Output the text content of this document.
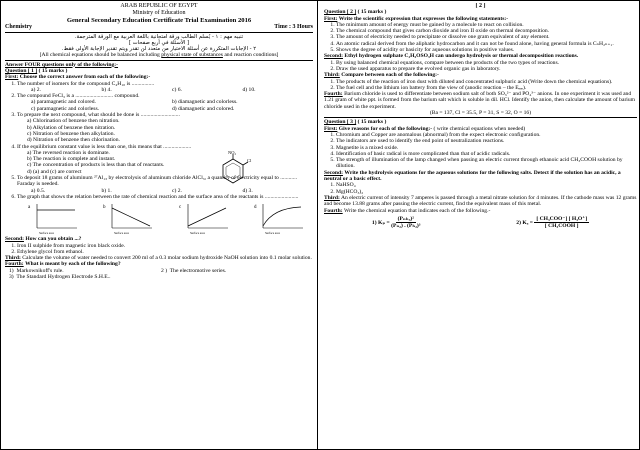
ARAB REPUBLIC OF EGYPT
Ministry of Education
General Secondary Education Certificate Trial Examination 2016
Chemistry	Time : 3 Hours
تنبيه مهم : ١ - يُسلم الطالب ورقة امتحانية باللغة العربية مع الورقة المترجمة.
[ الأسئلة في أربع صفحات ]
٢ - الإجابات المتكررة عن أسئلة الاختيار من متعدد لن تقدر ويتم تقدير الإجابة الأولى فقط.
[All chemical equations should be balanced including physical state of substances and reaction conditions]
Answer FOUR questions only of the following:-
Question [ 1 ] ( 15 marks )
First: Choose the correct answer from each of the following:-
1. The number of isomers for the compound C₄H₁₀ is ................
a) 2.	b) 4.	c) 6.	d) 10.
2. The compound FeCl₃ is a ........................... compound.
a) paramagnetic and colored.	b) diamagnetic and colorless.
c) paramagnetic and colorless.	d) diamagnetic and colored.
3. To prepare the next compound, what should be done is ............................
a) Chlorination of benzene then nitration.
b) Alkylation of benzene then nitration.
c) Nitration of benzene then alkylation.
d) Nitration of benzene then chlorination.
4. If the equilibrium constant value is less than one, this means that ....................
a) The reversed reaction is dominate.
b) The reaction is complete and instant.
c) The concentration of products is less than that of reactants.
d) (a) and (c) are correct
5. To deposit 18 grams of aluminum ²⁷Al₁₃ by electrolysis of aluminum chloride AlCl₃, a quantity of electricity equal to ............ Faraday is needed.
a) 0.5.	b) 1.	c) 2.	d) 3.
6. The graph that shows the relation between the rate of chemical reaction and the surface area of the reactants is ........................
a
Surface area
b
Surface area
c
Surface area
d
Surface area
Second: How can you obtain ...?
1. Iron II sulphide from magnetic iron black oxide.
2. Ethylene glycol from ethanol.
Third: Calculate the volume of water needed to convert 200 ml of a 0.3 molar sodium hydroxide NaOH solution into 0.1 molar solution.
Fourth: What is meant by each of the following?
1)  Markownikoff's rule.	2 )  The electromotive series.
3)  The Standard Hydrogen Electrode S.H.E..
NO₂
Cl
[ 2 ]
Question [ 2 ] ( 15 marks )
First: Write the scientific expression that expresses the following statements:-
1. The minimum amount of energy must be gained by a molecule to react on collision.
2. The chemical compound that gives carbon dioxide and iron II oxide on thermal decomposition.
3. The amount of electricity needed to precipitate or dissolve one gram equivalent of any element.
4. An atomic radical derived from the aliphatic hydrocarbon and it can not be found alone, having general formula is CₙH₂ₙ₊₁.
5. Shows the degree of acidity or basicity for aqueous solutions in positive values.
Second: Ethyl hydrogen sulphate C₂H₅OSO₃H can undergo hydrolysis or thermal decomposition reactions.
1. By using balanced chemical equations, compare between the products of the two types of reactions.
2. Draw the used apparatus to prepare the evolved organic gas in laboratory.
Third: Compare between each of the following:-
1. The products of the reaction of iron dust with diluted and concentrated sulphuric acid (Write down the chemical equations).
2. The fuel cell and the lithium ion battery from the view of (anodic reaction – the Eₑₑₑ).
Fourth: Barium chloride is used to differentiate between sodium salt of both SO₃²⁻ and PO₄³⁻ anions. In one experiment it was used and 1.21 gram of white ppt. is formed from the barium salt which is soluble in dil. HCl. Identify the anion, then calculate the amount of barium chloride used in the experiment.
(Ba = 137, Cl = 35.5, P = 31, S = 32, O = 16)
Question [ 3 ] ( 15 marks )
First: Give reasons for each of the following:- ( write chemical equations when needed)
1. Chromium and Copper are anomalous (abnormal) from the expect electronic configuration.
2. The indicators are used to identify the end point of neutralization reactions.
3. Magnetite is a mixed oxide.
4. Identification of basic radical is more complicated than that of acidic radicals.
5. The strength of illumination of the lamp changed when passing an electric current through ethanoic acid CH₃COOH solution by dilution.
Second: Write the hydrolysis equations for the aqueous solutions for the following salts. Detect if the solution has an acidic, a neutral or a basic effect.
1. NaHSO₄
2. Mg(HCO₃)₂
Third: An electric current of intensity 7 amperes is passed through a metal nitrate solution for 4 minutes. If the cathode mass was 12 grams and become 13.88 grams after passing the electric current, find the equivalent mass of this metal.
Fourth: Write the chemical equation that indicates each of the following.-
1) $K_p = \frac{\text{(Pₙₕ₃)²}}{\text{(Pₙ₂) . (Pₕ₂)³}}$	2) $K_a = \frac{\text{[ CH₃COO⁻] [ H₃O⁺]}}{\text{[ CH₃COOH ]}}$
